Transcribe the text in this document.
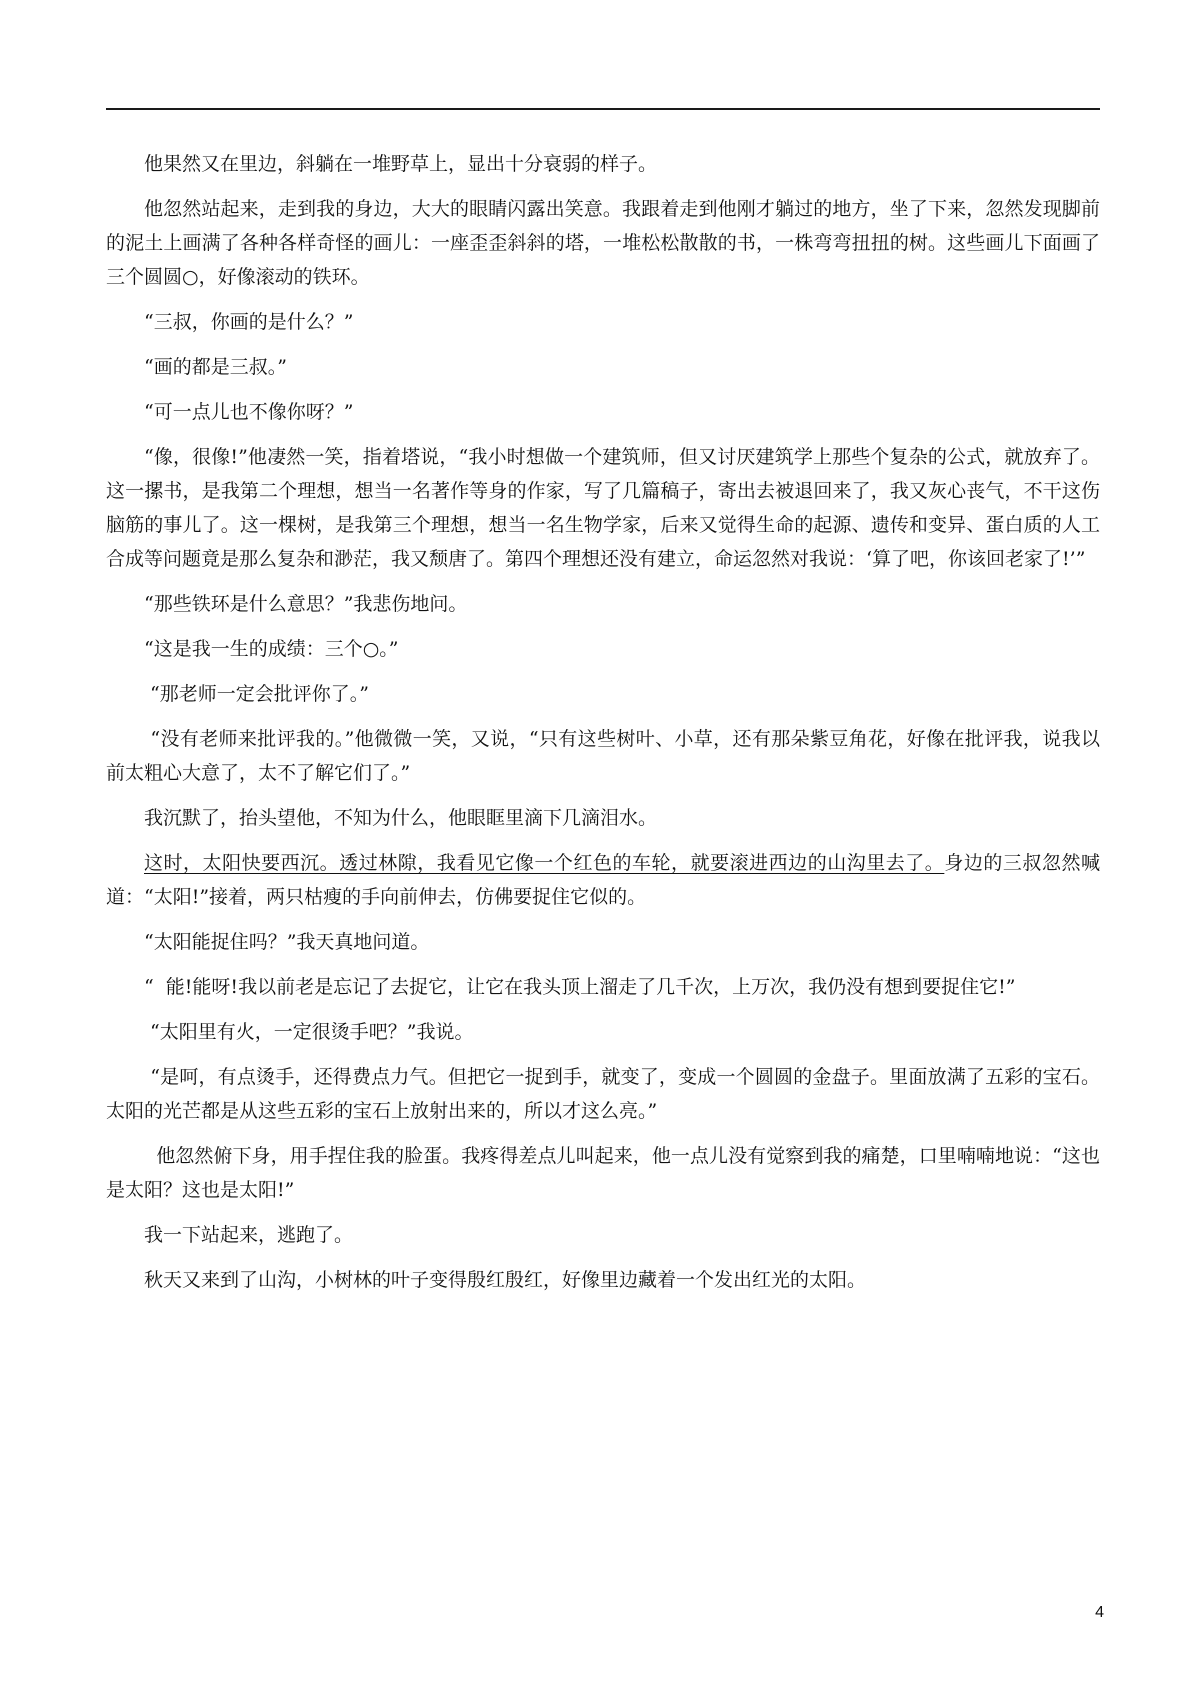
他果然又在里边，斜躺在一堆野草上，显出十分衰弱的样子。

他忽然站起来，走到我的身边，大大的眼睛闪露出笑意。我跟着走到他刚才躺过的地方，坐了下来，忽然发现脚前的泥土上画满了各种各样奇怪的画儿：一座歪歪斜斜的塔，一堆松松散散的书，一株弯弯扭扭的树。这些画儿下面画了三个圆圆○，好像滚动的铁环。

“三叔，你画的是什么？”

“画的都是三叔。”

“可一点儿也不像你呀？”

“像，很像!”他凄然一笑，指着塔说，“我小时想做一个建筑师，但又讨厌建筑学上那些个复杂的公式，就放弃了。这一摞书，是我第二个理想，想当一名著作等身的作家，写了几篇稿子，寄出去被退回来了，我又灰心丧气，不干这伤脑筋的事儿了。这一棵树，是我第三个理想，想当一名生物学家，后来又觉得生命的起源、遗传和变异、蛋白质的人工合成等问题竟是那么复杂和渺茫，我又颓唐了。第四个理想还没有建立，命运忽然对我说：‘算了吧，你该回老家了!’”

“那些铁环是什么意思？”我悲伤地问。

“这是我一生的成绩：三个○。”

“那老师一定会批评你了。”

“没有老师来批评我的。”他微微一笑，又说，“只有这些树叶、小草，还有那朵紫豆角花，好像在批评我，说我以前太粗心大意了，太不了解它们了。”

我沉默了，抬头望他，不知为什么，他眼眶里滴下几滴泪水。

这时，太阳快要西沉。透过林隙，我看见它像一个红色的车轮，就要滚进西边的山沟里去了。身边的三叔忽然喊道：“太阳!”接着，两只枯瘦的手向前伸去，仿佛要捉住它似的。

“太阳能捉住吗？”我天真地问道。

“  能!能呀!我以前老是忘记了去捉它，让它在我头顶上溜走了几千次，上万次，我仍没有想到要捉住它!”

“太阳里有火，一定很烫手吧？”我说。

“是呵，有点烫手，还得费点力气。但把它一捉到手，就变了，变成一个圆圆的金盘子。里面放满了五彩的宝石。太阳的光芒都是从这些五彩的宝石上放射出来的，所以才这么亮。”

他忽然俯下身，用手捏住我的脸蛋。我疼得差点儿叫起来，他一点儿没有觉察到我的痛楚，口里喃喃地说：“这也是太阳？这也是太阳!”

我一下站起来，逃跑了。

秋天又来到了山沟，小树林的叶子变得殷红殷红，好像里边藏着一个发出红光的太阳。

4
